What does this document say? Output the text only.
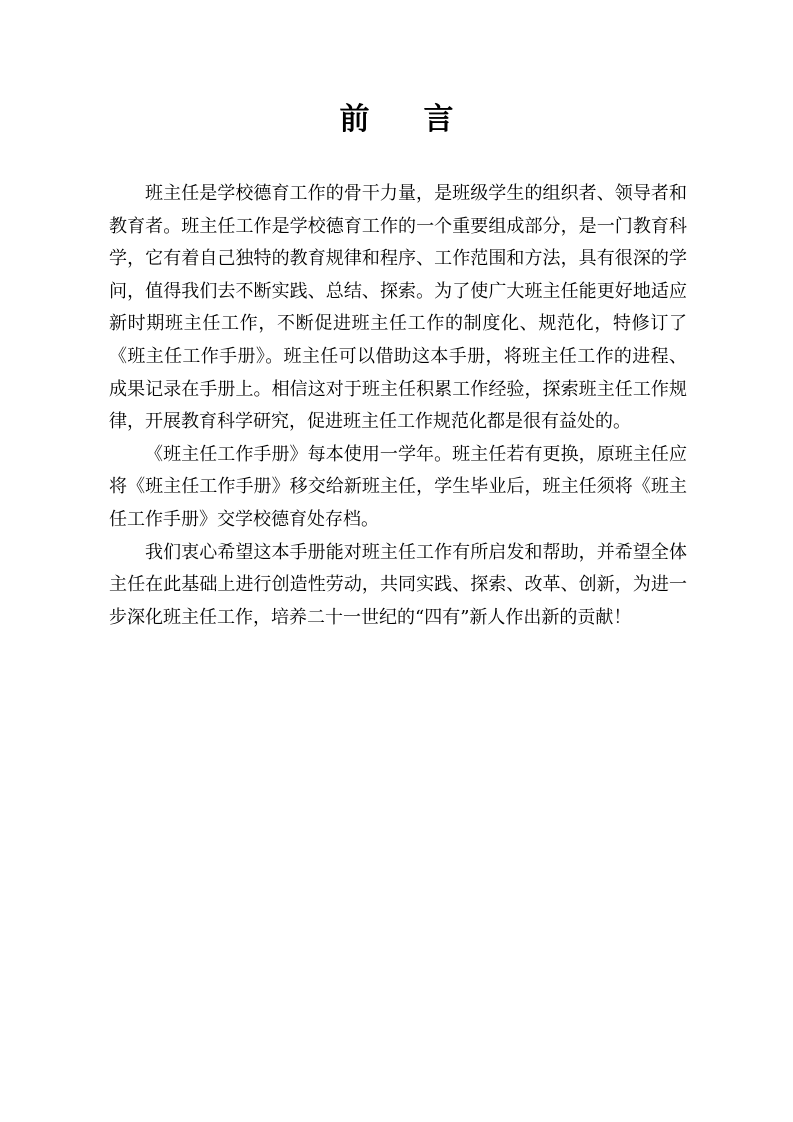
前 言

班主任是学校德育工作的骨干力量，是班级学生的组织者、领导者和教育者。班主任工作是学校德育工作的一个重要组成部分，是一门教育科学，它有着自己独特的教育规律和程序、工作范围和方法，具有很深的学问，值得我们去不断实践、总结、探索。为了使广大班主任能更好地适应新时期班主任工作，不断促进班主任工作的制度化、规范化，特修订了《班主任工作手册》。班主任可以借助这本手册，将班主任工作的进程、成果记录在手册上。相信这对于班主任积累工作经验，探索班主任工作规律，开展教育科学研究，促进班主任工作规范化都是很有益处的。

《班主任工作手册》每本使用一学年。班主任若有更换，原班主任应将《班主任工作手册》移交给新班主任，学生毕业后，班主任须将《班主任工作手册》交学校德育处存档。

我们衷心希望这本手册能对班主任工作有所启发和帮助，并希望全体主任在此基础上进行创造性劳动，共同实践、探索、改革、创新，为进一步深化班主任工作，培养二十一世纪的“四有”新人作出新的贡献！
